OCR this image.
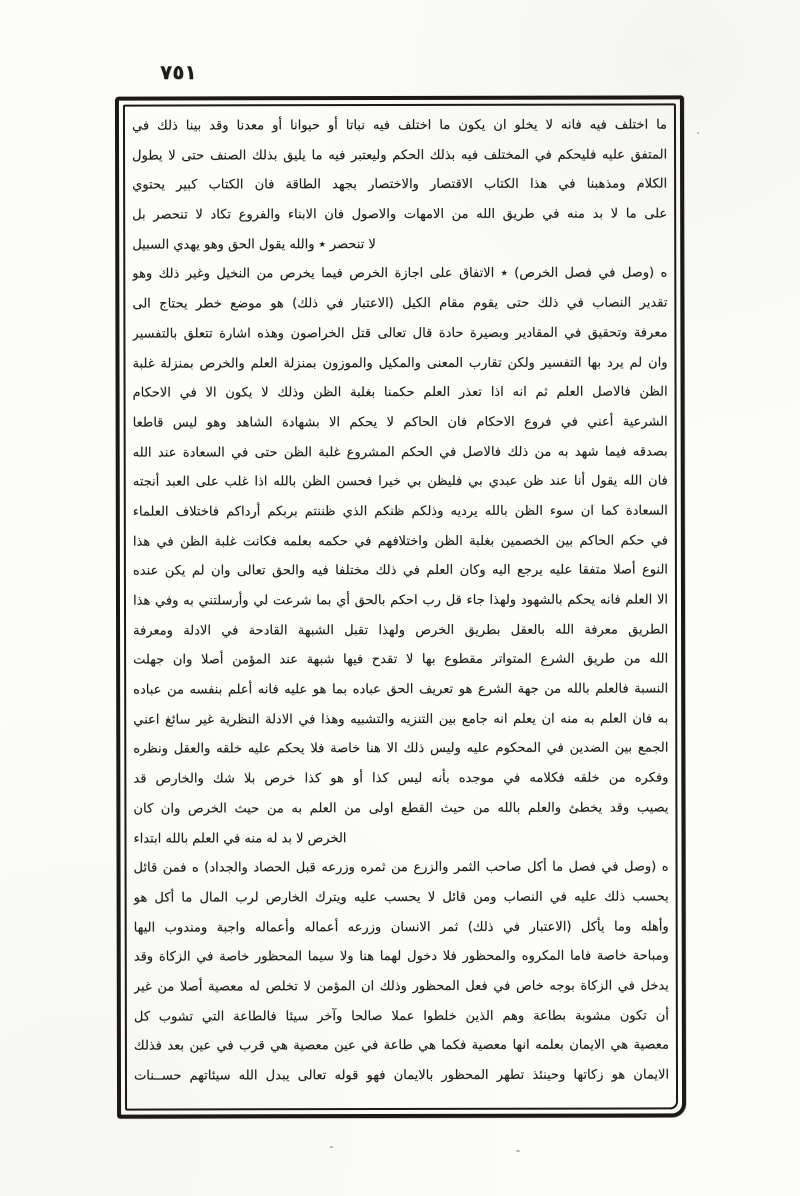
٧٥١
ما اختلف فيه فانه لا يخلو ان يكون ما اختلف فيه نباتا أو حيوانا أو معدنا وقد بينا ذلك في
المتفق عليه فليحكم في المختلف فيه بذلك الحكم وليعتبر فيه ما يليق بذلك الصنف حتى لا يطول
الكلام ومذهبنا في هذا الكتاب الاقتصار والاختصار بجهد الطاقة فان الكتاب كبير يحتوي
على ما لا بد منه في طريق الله من الامهات والاصول فان الابناء والفروع تكاد لا تنحصر بل
لا تنحصر ٭ والله يقول الحق وهو يهدي السبيل
ه (وصل في فصل الخرص) ٭ الاتفاق على اجازة الخرص فيما يخرص من النخيل وغير ذلك وهو
تقدير النصاب في ذلك حتى يقوم مقام الكيل (الاعتبار في ذلك) هو موضع خطر يحتاج الى
معرفة وتحقيق في المقادير وبصيرة حادة قال تعالى قتل الخراصون وهذه اشارة تتعلق بالتفسير
وان لم يرد بها التفسير ولكن تقارب المعنى والمكيل والموزون بمنزلة العلم والخرص بمنزلة غلبة
الظن فالاصل العلم ثم انه اذا تعذر العلم حكمنا بغلبة الظن وذلك لا يكون الا في الاحكام
الشرعية أعني في فروع الاحكام فان الحاكم لا يحكم الا بشهادة الشاهد وهو ليس قاطعا
بصدقه فيما شهد به من ذلك فالاصل في الحكم المشروع غلبة الظن حتى في السعادة عند الله
فان الله يقول أنا عند ظن عبدي بي فليظن بي خيرا فحسن الظن بالله اذا غلب على العبد أنجته
السعادة كما ان سوء الظن بالله يرديه وذلكم ظنكم الذي ظننتم بربكم أرداكم فاختلاف العلماء
في حكم الحاكم بين الخصمين بغلبة الظن واختلافهم في حكمه بعلمه فكانت غلبة الظن في هذا
النوع أصلا متفقا عليه يرجع اليه وكان العلم في ذلك مختلفا فيه والحق تعالى وان لم يكن عنده
الا العلم فانه يحكم بالشهود ولهذا جاء قل رب احكم بالحق أي بما شرعت لي وأرسلتني به وفي هذا
الطريق معرفة الله بالعقل بطريق الخرص ولهذا تقبل الشبهة القادحة في الادلة ومعرفة
الله من طريق الشرع المتواتر مقطوع بها لا تقدح فيها شبهة عند المؤمن أصلا وان جهلت
النسبة فالعلم بالله من جهة الشرع هو تعريف الحق عباده بما هو عليه فانه أعلم بنفسه من عباده
به فان العلم به منه ان يعلم انه جامع بين التنزيه والتشبيه وهذا في الادلة النظرية غير سائغ اعني
الجمع بين الضدين في المحكوم عليه وليس ذلك الا هنا خاصة فلا يحكم عليه خلقه والعقل ونظره
وفكره من خلقه فكلامه في موجده بأنه ليس كذا أو هو كذا خرص بلا شك والخارص قد
يصيب وقد يخطئ والعلم بالله من حيث القطع اولى من العلم به من حيث الخرص وان كان
الخرص لا بد له منه في العلم بالله ابتداء
ه (وصل في فصل ما أكل صاحب الثمر والزرع من ثمره وزرعه قبل الحصاد والجداد) ه فمن قائل
يحسب ذلك عليه في النصاب ومن قائل لا يحسب عليه ويترك الخارص لرب المال ما أكل هو
وأهله وما يأكل (الاعتبار في ذلك) ثمر الانسان وزرعه أعماله وأعماله واجبة ومندوب اليها
ومباحة خاصة فاما المكروه والمحظور فلا دخول لهما هنا ولا سيما المحظور خاصة في الزكاة وقد
يدخل في الزكاة بوجه خاص في فعل المحظور وذلك ان المؤمن لا تخلص له معصية أصلا من غير
أن تكون مشوبة بطاعة وهم الذين خلطوا عملا صالحا وآخر سيئا فالطاعة التي تشوب كل
معصية هي الايمان بعلمه انها معصية فكما هي طاعة في عين معصية هي قرب في عين بعد فذلك
الايمان هو زكاتها وحينئذ تطهر المحظور بالايمان فهو قوله تعالى يبدل الله سيئاتهم حســنات
